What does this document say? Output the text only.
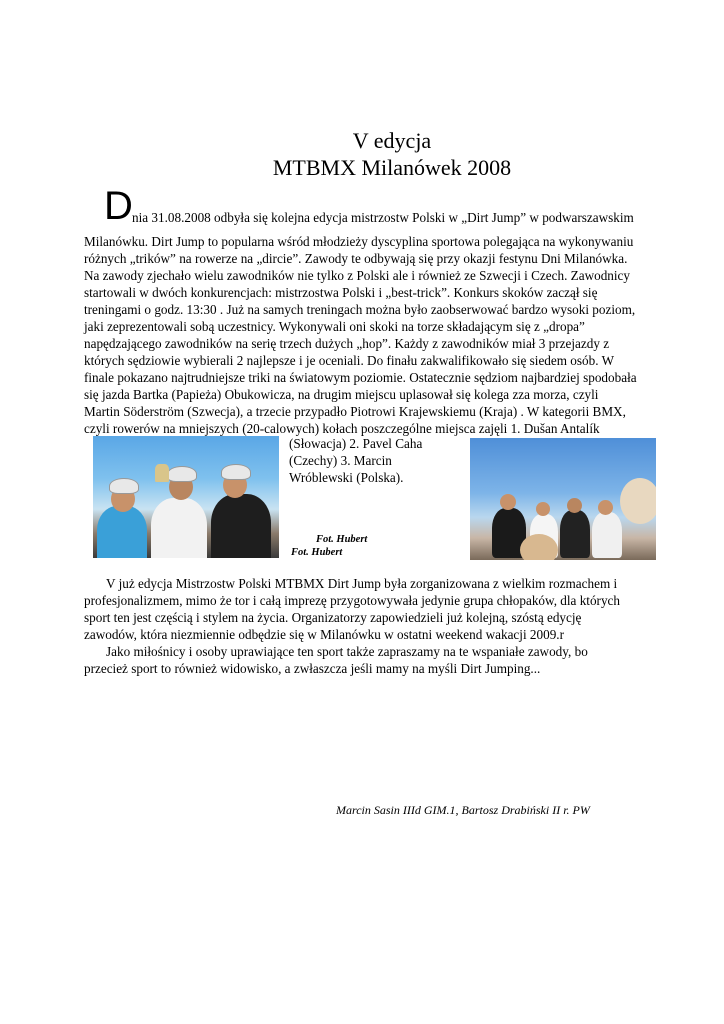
V edycja
MTBMX Milanówek 2008
D nia 31.08.2008 odbyła się kolejna edycja mistrzostw Polski w „Dirt Jump” w podwarszawskim
Milanówku. Dirt Jump to popularna wśród młodzieży dyscyplina sportowa polegająca na wykonywaniu
różnych „trików” na rowerze na „dircie”. Zawody te odbywają się przy okazji festynu Dni Milanówka.
Na zawody zjechało wielu zawodników nie tylko z Polski ale i również ze Szwecji i Czech. Zawodnicy
startowali w dwóch konkurencjach: mistrzostwa Polski i „best-trick”. Konkurs skoków zaczął się
treningami o godz. 13:30 . Już na samych treningach można było zaobserwować bardzo wysoki poziom,
jaki zeprezentowali sobą uczestnicy. Wykonywali oni skoki na torze składającym się z „dropa”
napędzającego zawodników na serię trzech dużych „hop”. Każdy z zawodników miał 3 przejazdy z
których sędziowie wybierali 2 najlepsze i je oceniali. Do finału zakwalifikowało się siedem osób. W
finale pokazano najtrudniejsze triki na światowym poziomie. Ostatecznie sędziom najbardziej spodobała
się jazda Bartka (Papieża) Obukowicza, na drugim miejscu uplasował się kolega zza morza, czyli
Martin Söderström (Szwecja), a trzecie przypadło Piotrowi Krajewskiemu (Kraja) . W kategorii BMX,
czyli rowerów na mniejszych (20-calowych) kołach poszczególne miejsca zajęli 1. Dušan Antalík
(Słowacja) 2. Pavel Caha
(Czechy) 3. Marcin
Wróblewski (Polska).
Fot. Hubert
Fot. Hubert
V już edycja Mistrzostw Polski MTBMX Dirt Jump była zorganizowana z wielkim rozmachem i
profesjonalizmem, mimo że tor i całą imprezę przygotowywała jedynie grupa chłopaków, dla których
sport ten jest częścią i stylem na życia. Organizatorzy zapowiedzieli już kolejną, szóstą edycję
zawodów, która niezmiennie odbędzie się w Milanówku w ostatni weekend wakacji 2009.r
Jako miłośnicy i osoby uprawiające ten sport także zapraszamy na te wspaniałe zawody, bo
przecież sport to również widowisko, a zwłaszcza jeśli mamy na myśli Dirt Jumping...
Marcin Sasin IIId GIM.1, Bartosz Drabiński II r. PW
